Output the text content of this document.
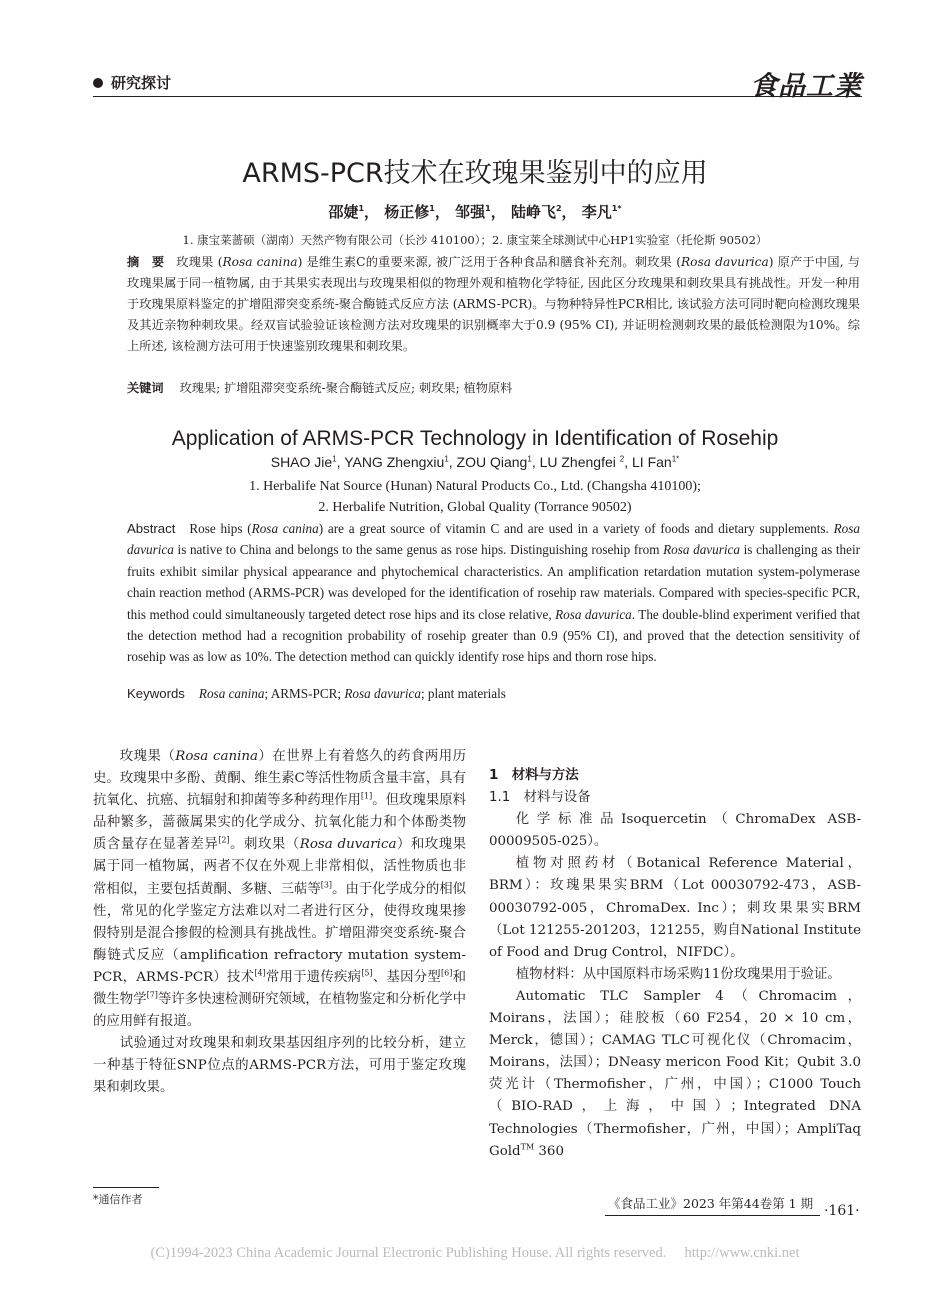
研究探讨	食品工業
ARMS-PCR技术在玫瑰果鉴别中的应用
邵婕$^1$， 杨正修$^1$， 邹强$^1$， 陆峥飞$^2$， 李凡$^{1*}$
1. 康宝莱蔷硕（湖南）天然产物有限公司（长沙 410100）；2. 康宝莱全球测试中心HP1实验室（托伦斯 90502）
摘　要 玫瑰果 (Rosa canina) 是维生素C的重要来源, 被广泛用于各种食品和膳食补充剂。刺玫果 (Rosa davurica) 原产于中国, 与玫瑰果属于同一植物属, 由于其果实表现出与玫瑰果相似的物理外观和植物化学特征, 因此区分玫瑰果和刺玫果具有挑战性。开发一种用于玫瑰果原料鉴定的扩增阻滞突变系统-聚合酶链式反应方法 (ARMS-PCR)。与物种特异性PCR相比, 该试验方法可同时靶向检测玫瑰果及其近亲物种刺玫果。经双盲试验验证该检测方法对玫瑰果的识别概率大于0.9 (95% CI), 并证明检测刺玫果的最低检测限为10%。综上所述, 该检测方法可用于快速鉴别玫瑰果和刺玫果。
关键词 玫瑰果; 扩增阻滞突变系统-聚合酶链式反应; 刺玫果; 植物原料
Application of ARMS-PCR Technology in Identification of Rosehip
SHAO Jie$^1$, YANG Zhengxiu$^1$, ZOU Qiang$^1$, LU Zhengfei $^2$, LI Fan$^{1*}$
1. Herbalife Nat Source (Hunan) Natural Products Co., Ltd. (Changsha 410100);
2. Herbalife Nutrition, Global Quality (Torrance 90502)
Abstract Rose hips (Rosa canina) are a great source of vitamin C and are used in a variety of foods and dietary supplements. Rosa davurica is native to China and belongs to the same genus as rose hips. Distinguishing rosehip from Rosa davurica is challenging as their fruits exhibit similar physical appearance and phytochemical characteristics. An amplification retardation mutation system-polymerase chain reaction method (ARMS-PCR) was developed for the identification of rosehip raw materials. Compared with species-specific PCR, this method could simultaneously targeted detect rose hips and its close relative, Rosa davurica. The double-blind experiment verified that the detection method had a recognition probability of rosehip greater than 0.9 (95% CI), and proved that the detection sensitivity of rosehip was as low as 10%. The detection method can quickly identify rose hips and thorn rose hips.
Keywords Rosa canina; ARMS-PCR; Rosa davurica; plant materials

玫瑰果（Rosa canina）在世界上有着悠久的药食两用历史。玫瑰果中多酚、黄酮、维生素C等活性物质含量丰富，具有抗氧化、抗癌、抗辐射和抑菌等多种药理作用[1]。但玫瑰果原料品种繁多，蔷薇属果实的化学成分、抗氧化能力和个体酚类物质含量存在显著差异[2]。刺玫果（Rosa duvarica）和玫瑰果属于同一植物属，两者不仅在外观上非常相似，活性物质也非常相似，主要包括黄酮、多糖、三萜等[3]。由于化学成分的相似性，常见的化学鉴定方法难以对二者进行区分，使得玫瑰果掺假特别是混合掺假的检测具有挑战性。扩增阻滞突变系统-聚合酶链式反应（amplification refractory mutation system-PCR，ARMS-PCR）技术[4]常用于遗传疾病[5]、基因分型[6]和微生物学[7]等许多快速检测研究领域，在植物鉴定和分析化学中的应用鲜有报道。

试验通过对玫瑰果和刺玫果基因组序列的比较分析，建立一种基于特征SNP位点的ARMS-PCR方法，可用于鉴定玫瑰果和刺玫果。

1　材料与方法

1.1　材料与设备

化学标准品Isoquercetin（ChromaDex ASB-00009505-025）。

植物对照药材（Botanical Reference Material，BRM）：玫瑰果果实BRM（Lot 00030792-473，ASB-00030792-005，ChromaDex. Inc）；刺玫果果实BRM（Lot 121255-201203，121255，购自National Institute of Food and Drug Control，NIFDC）。

植物材料：从中国原料市场采购11份玫瑰果用于验证。

Automatic TLC Sampler 4（Chromacim，Moirans，法国）；硅胶板（60 F254，20 × 10 cm，Merck，德国）；CAMAG TLC可视化仪（Chromacim，Moirans，法国）；DNeasy mericon Food Kit；Qubit 3.0荧光计（Thermofisher，广州，中国）；C1000 Touch（BIO-RAD，上海，中国）；Integrated DNA Technologies（Thermofisher，广州，中国）；AmpliTaq Gold™ 360

*通信作者	《食品工业》2023 年第44卷第 1 期 ·161·
(C)1994-2023 China Academic Journal Electronic Publishing House. All rights reserved.　 http://www.cnki.net
